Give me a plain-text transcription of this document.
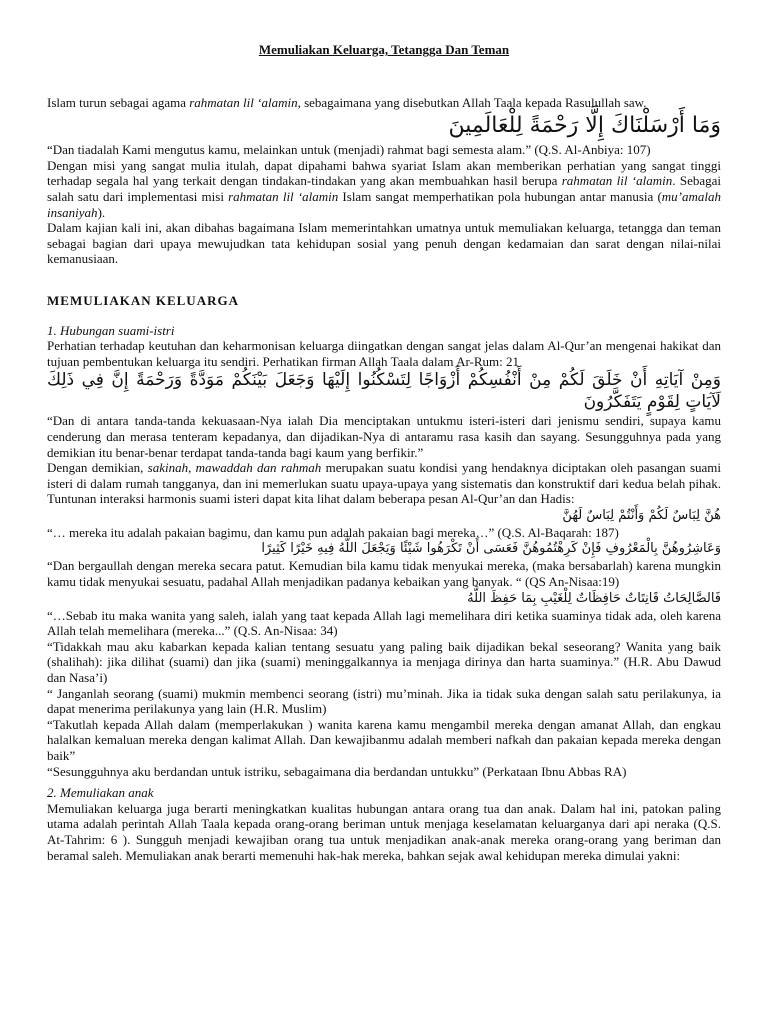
Memuliakan Keluarga, Tetangga Dan Teman

Islam turun sebagai agama rahmatan lil ‘alamin, sebagaimana yang disebutkan Allah Taala kepada Rasulullah saw.

وَمَا أَرْسَلْنَاكَ إِلَّا رَحْمَةً لِلْعَالَمِينَ

“Dan tiadalah Kami mengutus kamu, melainkan untuk (menjadi) rahmat bagi semesta alam.” (Q.S. Al-Anbiya: 107)

Dengan misi yang sangat mulia itulah, dapat dipahami bahwa syariat Islam akan memberikan perhatian yang sangat tinggi terhadap segala hal yang terkait dengan tindakan-tindakan yang akan membuahkan hasil berupa rahmatan lil ‘alamin. Sebagai salah satu dari implementasi misi rahmatan lil ‘alamin Islam sangat memperhatikan pola hubungan antar manusia (mu’amalah insaniyah).

Dalam kajian kali ini, akan dibahas bagaimana Islam memerintahkan umatnya untuk memuliakan keluarga, tetangga dan teman sebagai bagian dari upaya mewujudkan tata kehidupan sosial yang penuh dengan kedamaian dan sarat dengan nilai-nilai kemanusiaan.

MEMULIAKAN KELUARGA

1. Hubungan suami-istri

Perhatian terhadap keutuhan dan keharmonisan keluarga diingatkan dengan sangat jelas dalam Al-Qur’an mengenai hakikat dan tujuan pembentukan keluarga itu sendiri. Perhatikan firman Allah Taala dalam Ar-Rum: 21

وَمِنْ آيَاتِهِ أَنْ خَلَقَ لَكُمْ مِنْ أَنْفُسِكُمْ أَزْوَاجًا لِتَسْكُنُوا إِلَيْهَا وَجَعَلَ بَيْنَكُمْ مَوَدَّةً وَرَحْمَةً إِنَّ فِي ذَلِكَ لَآيَاتٍ لِقَوْمٍ يَتَفَكَّرُونَ

“Dan di antara tanda-tanda kekuasaan-Nya ialah Dia menciptakan untukmu isteri-isteri dari jenismu sendiri, supaya kamu cenderung dan merasa tenteram kepadanya, dan dijadikan-Nya di antaramu rasa kasih dan sayang. Sesungguhnya pada yang demikian itu benar-benar terdapat tanda-tanda bagi kaum yang berfikir.”

Dengan demikian, sakinah, mawaddah dan rahmah merupakan suatu kondisi yang hendaknya diciptakan oleh pasangan suami isteri di dalam rumah tangganya, dan ini memerlukan suatu upaya-upaya yang sistematis dan konstruktif dari kedua belah pihak. Tuntunan interaksi harmonis suami isteri dapat kita lihat dalam beberapa pesan Al-Qur’an dan Hadis:

هُنَّ لِبَاسٌ لَكُمْ وَأَنْتُمْ لِبَاسٌ لَهُنَّ

“… mereka itu adalah pakaian bagimu, dan kamu pun adalah pakaian bagi mereka…” (Q.S. Al-Baqarah: 187)

وَعَاشِرُوهُنَّ بِالْمَعْرُوفِ فَإِنْ كَرِهْتُمُوهُنَّ فَعَسَى أَنْ تَكْرَهُوا شَيْئًا وَيَجْعَلَ اللَّهُ فِيهِ خَيْرًا كَثِيرًا

“Dan bergaullah dengan mereka secara patut. Kemudian bila kamu tidak menyukai mereka, (maka bersabarlah) karena mungkin kamu tidak menyukai sesuatu, padahal Allah menjadikan padanya kebaikan yang banyak. “ (QS An-Nisaa:19)

فَالصَّالِحَاتُ قَانِتَاتٌ حَافِظَاتٌ لِلْغَيْبِ بِمَا حَفِظَ اللَّهُ

“…Sebab itu maka wanita yang saleh, ialah yang taat kepada Allah lagi memelihara diri ketika suaminya tidak ada, oleh karena Allah telah memelihara (mereka...” (Q.S. An-Nisaa: 34)

“Tidakkah mau aku kabarkan kepada kalian tentang sesuatu yang paling baik dijadikan bekal seseorang? Wanita yang baik (shalihah): jika dilihat (suami) dan jika (suami) meninggalkannya ia menjaga dirinya dan harta suaminya.” (H.R. Abu Dawud dan Nasa’i)

“ Janganlah seorang (suami) mukmin membenci seorang (istri) mu’minah. Jika ia tidak suka dengan salah satu perilakunya, ia dapat menerima perilakunya yang lain (H.R. Muslim)

“Takutlah kepada Allah dalam (memperlakukan ) wanita karena kamu mengambil mereka dengan amanat Allah, dan engkau halalkan kemaluan mereka dengan kalimat Allah. Dan kewajibanmu adalah memberi nafkah dan pakaian kepada mereka dengan baik”

“Sesungguhnya aku berdandan untuk istriku, sebagaimana dia berdandan untukku” (Perkataan Ibnu Abbas RA)

2. Memuliakan anak

Memuliakan keluarga juga berarti meningkatkan kualitas hubungan antara orang tua dan anak. Dalam hal ini, patokan paling utama adalah perintah Allah Taala kepada orang-orang beriman untuk menjaga keselamatan keluarganya dari api neraka (Q.S. At-Tahrim: 6 ). Sungguh menjadi kewajiban orang tua untuk menjadikan anak-anak mereka orang-orang yang beriman dan beramal saleh. Memuliakan anak berarti memenuhi hak-hak mereka, bahkan sejak awal kehidupan mereka dimulai yakni:
